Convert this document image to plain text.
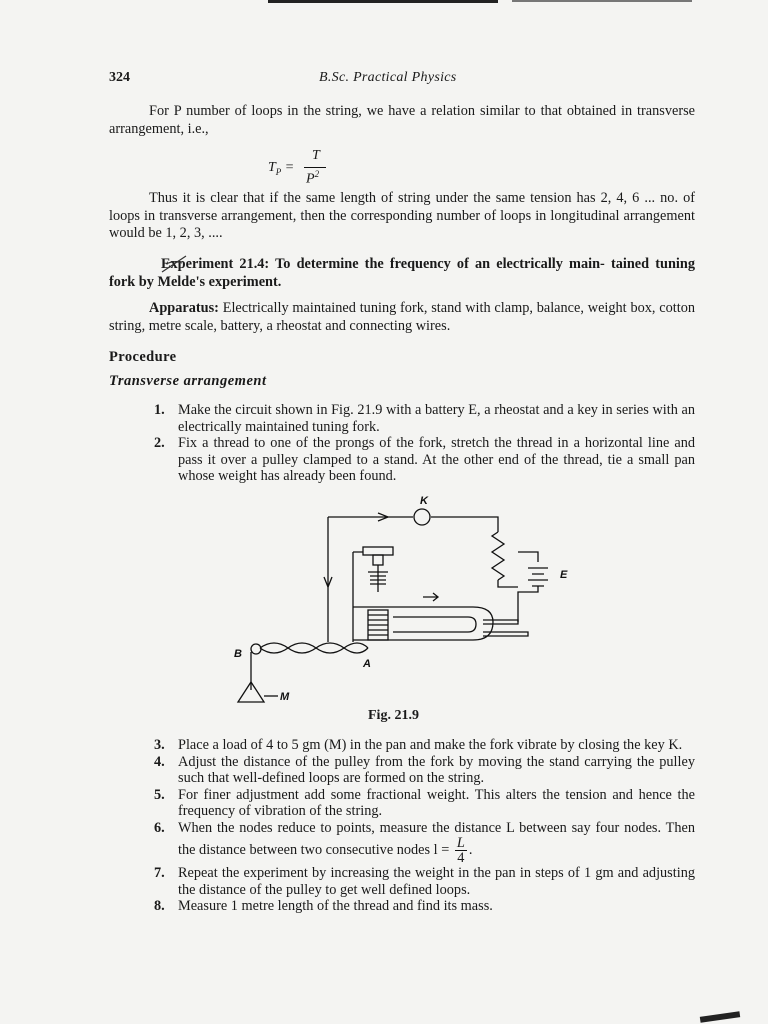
324	B.Sc. Practical Physics

For P number of loops in the string, we have a relation similar to that obtained in transverse arrangement, i.e.,

$T_P$ =
T
$P^2$

Thus it is clear that if the same length of string under the same tension has 2, 4, 6 ... no. of loops in transverse arrangement, then the corresponding number of loops in longitudinal arrangement would be 1, 2, 3, ....

Experiment 21.4: To determine the frequency of an electrically main- tained tuning fork by Melde's experiment.

Apparatus: Electrically maintained tuning fork, stand with clamp, balance, weight box, cotton string, metre scale, battery, a rheostat and connecting wires.

Procedure
Transverse arrangement
1. Make the circuit shown in Fig. 21.9 with a battery E, a rheostat and a key in series with an electrically maintained tuning fork.
2. Fix a thread to one of the prongs of the fork, stretch the thread in a horizontal line and pass it over a pulley clamped to a stand. At the other end of the thread, tie a small pan whose weight has already been found.
K
E
B
A
M
Fig. 21.9
3. Place a load of 4 to 5 gm (M) in the pan and make the fork vibrate by closing the key K.
4. Adjust the distance of the pulley from the fork by moving the stand carrying the pulley such that well-defined loops are formed on the string.
5. For finer adjustment add some fractional weight. This alters the tension and hence the frequency of vibration of the string.
6. When the nodes reduce to points, measure the distance L between say four nodes. Then the distance between two consecutive nodes $l = \frac{L}{4}$ .
7. Repeat the experiment by increasing the weight in the pan in steps of 1 gm and adjusting the distance of the pulley to get well defined loops.
8. Measure 1 metre length of the thread and find its mass.
